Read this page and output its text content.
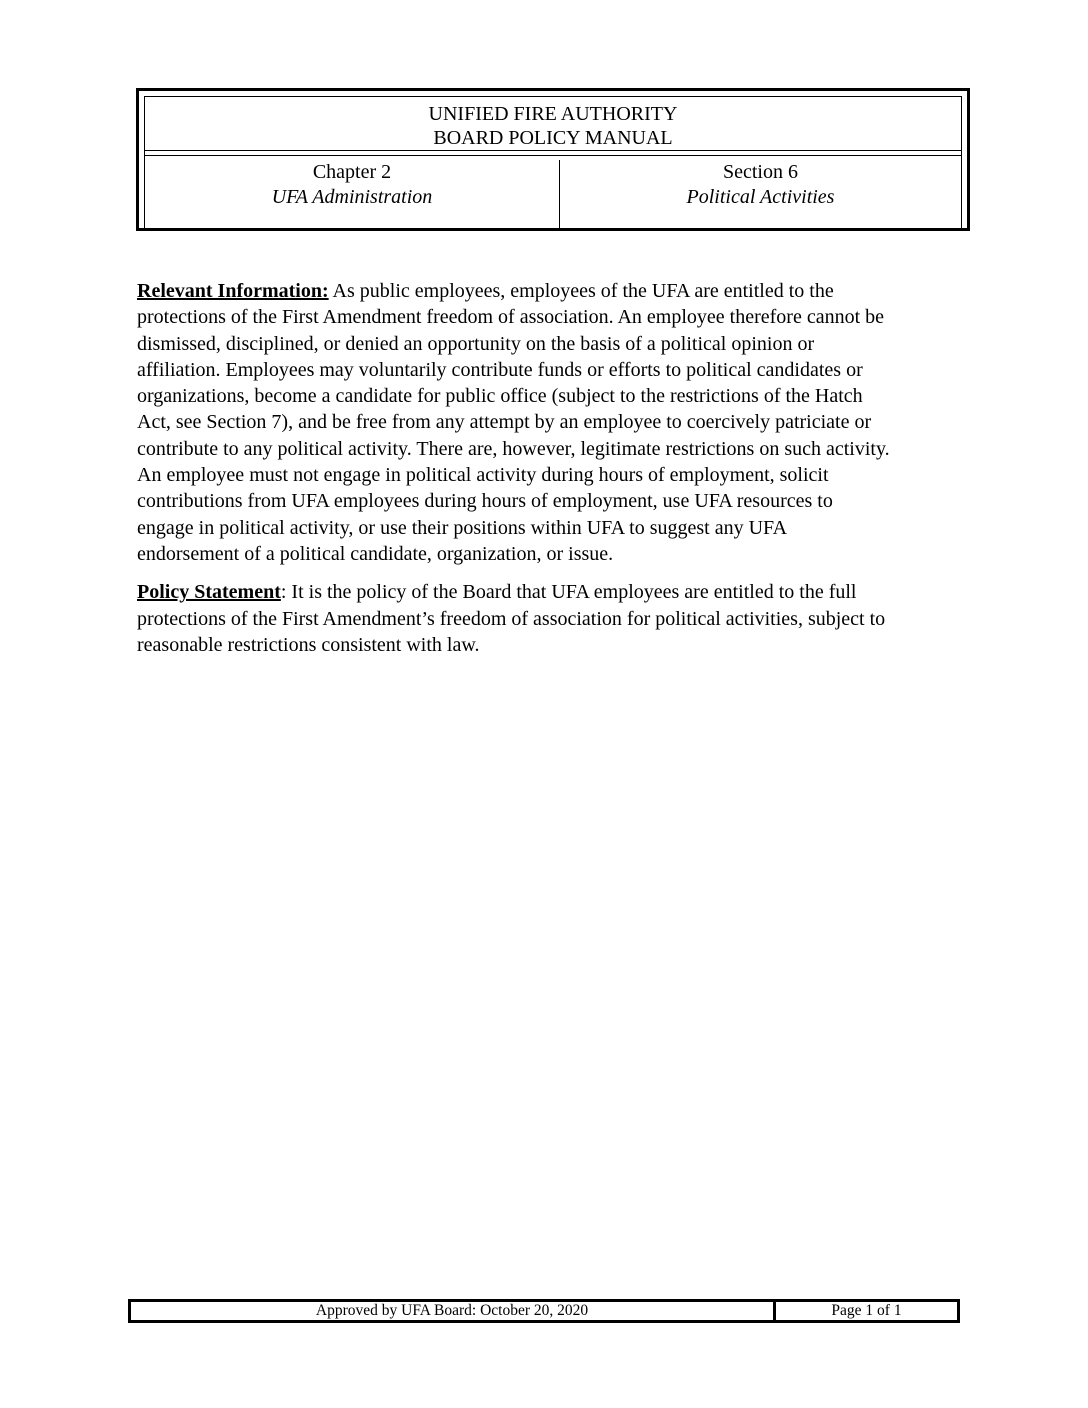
UNIFIED FIRE AUTHORITY
BOARD POLICY MANUAL
Chapter 2
UFA Administration
Section 6
Political Activities

Relevant Information: As public employees, employees of the UFA are entitled to the
protections of the First Amendment freedom of association. An employee therefore cannot be
dismissed, disciplined, or denied an opportunity on the basis of a political opinion or
affiliation. Employees may voluntarily contribute funds or efforts to political candidates or
organizations, become a candidate for public office (subject to the restrictions of the Hatch
Act, see Section 7), and be free from any attempt by an employee to coercively patriciate or
contribute to any political activity. There are, however, legitimate restrictions on such activity.
An employee must not engage in political activity during hours of employment, solicit
contributions from UFA employees during hours of employment, use UFA resources to
engage in political activity, or use their positions within UFA to suggest any UFA
endorsement of a political candidate, organization, or issue.

Policy Statement: It is the policy of the Board that UFA employees are entitled to the full
protections of the First Amendment’s freedom of association for political activities, subject to
reasonable restrictions consistent with law.

Approved by UFA Board: October 20, 2020	Page 1 of 1
